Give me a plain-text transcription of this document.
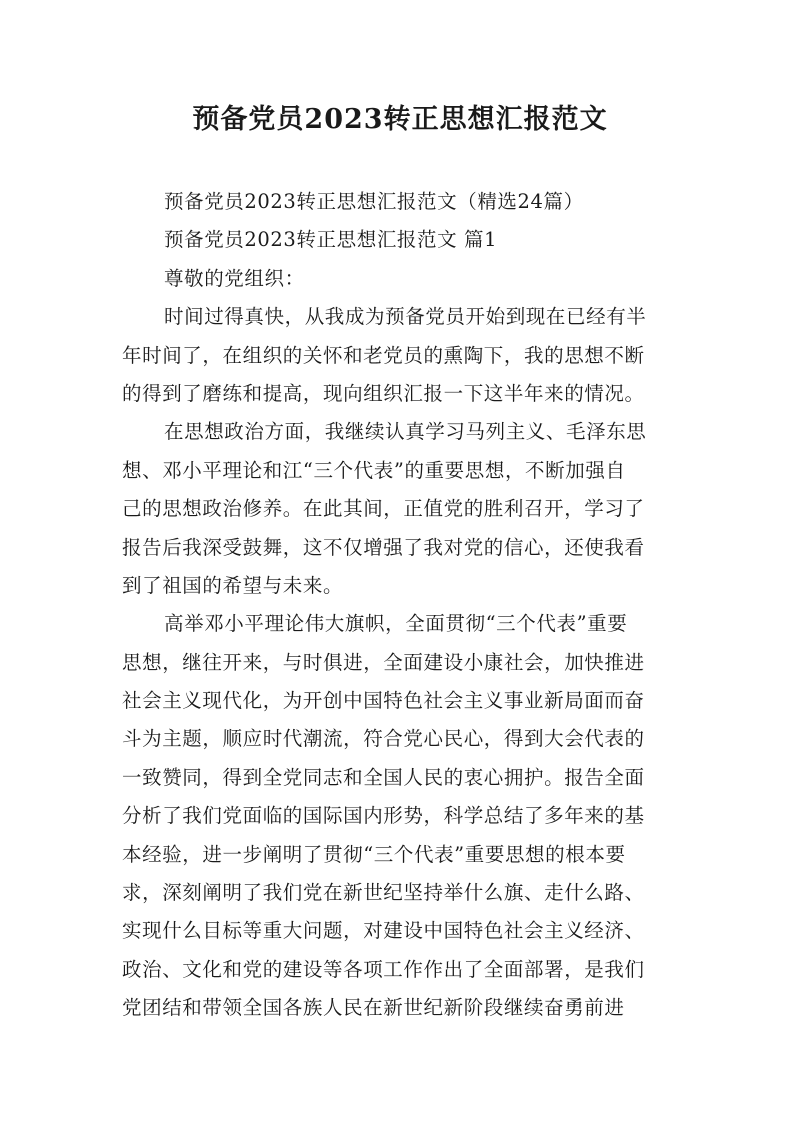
预备党员2023转正思想汇报范文

预备党员2023转正思想汇报范文（精选24篇）

预备党员2023转正思想汇报范文 篇1

尊敬的党组织：

时间过得真快，从我成为预备党员开始到现在已经有半

年时间了，在组织的关怀和老党员的熏陶下，我的思想不断

的得到了磨练和提高，现向组织汇报一下这半年来的情况。

在思想政治方面，我继续认真学习马列主义、毛泽东思

想、邓小平理论和江“三个代表”的重要思想，不断加强自

己的思想政治修养。在此其间，正值党的胜利召开，学习了

报告后我深受鼓舞，这不仅增强了我对党的信心，还使我看

到了祖国的希望与未来。

高举邓小平理论伟大旗帜，全面贯彻“三个代表”重要

思想，继往开来，与时俱进，全面建设小康社会，加快推进

社会主义现代化，为开创中国特色社会主义事业新局面而奋

斗为主题，顺应时代潮流，符合党心民心，得到大会代表的

一致赞同，得到全党同志和全国人民的衷心拥护。报告全面

分析了我们党面临的国际国内形势，科学总结了多年来的基

本经验，进一步阐明了贯彻“三个代表”重要思想的根本要

求，深刻阐明了我们党在新世纪坚持举什么旗、走什么路、

实现什么目标等重大问题，对建设中国特色社会主义经济、

政治、文化和党的建设等各项工作作出了全面部署，是我们

党团结和带领全国各族人民在新世纪新阶段继续奋勇前进
